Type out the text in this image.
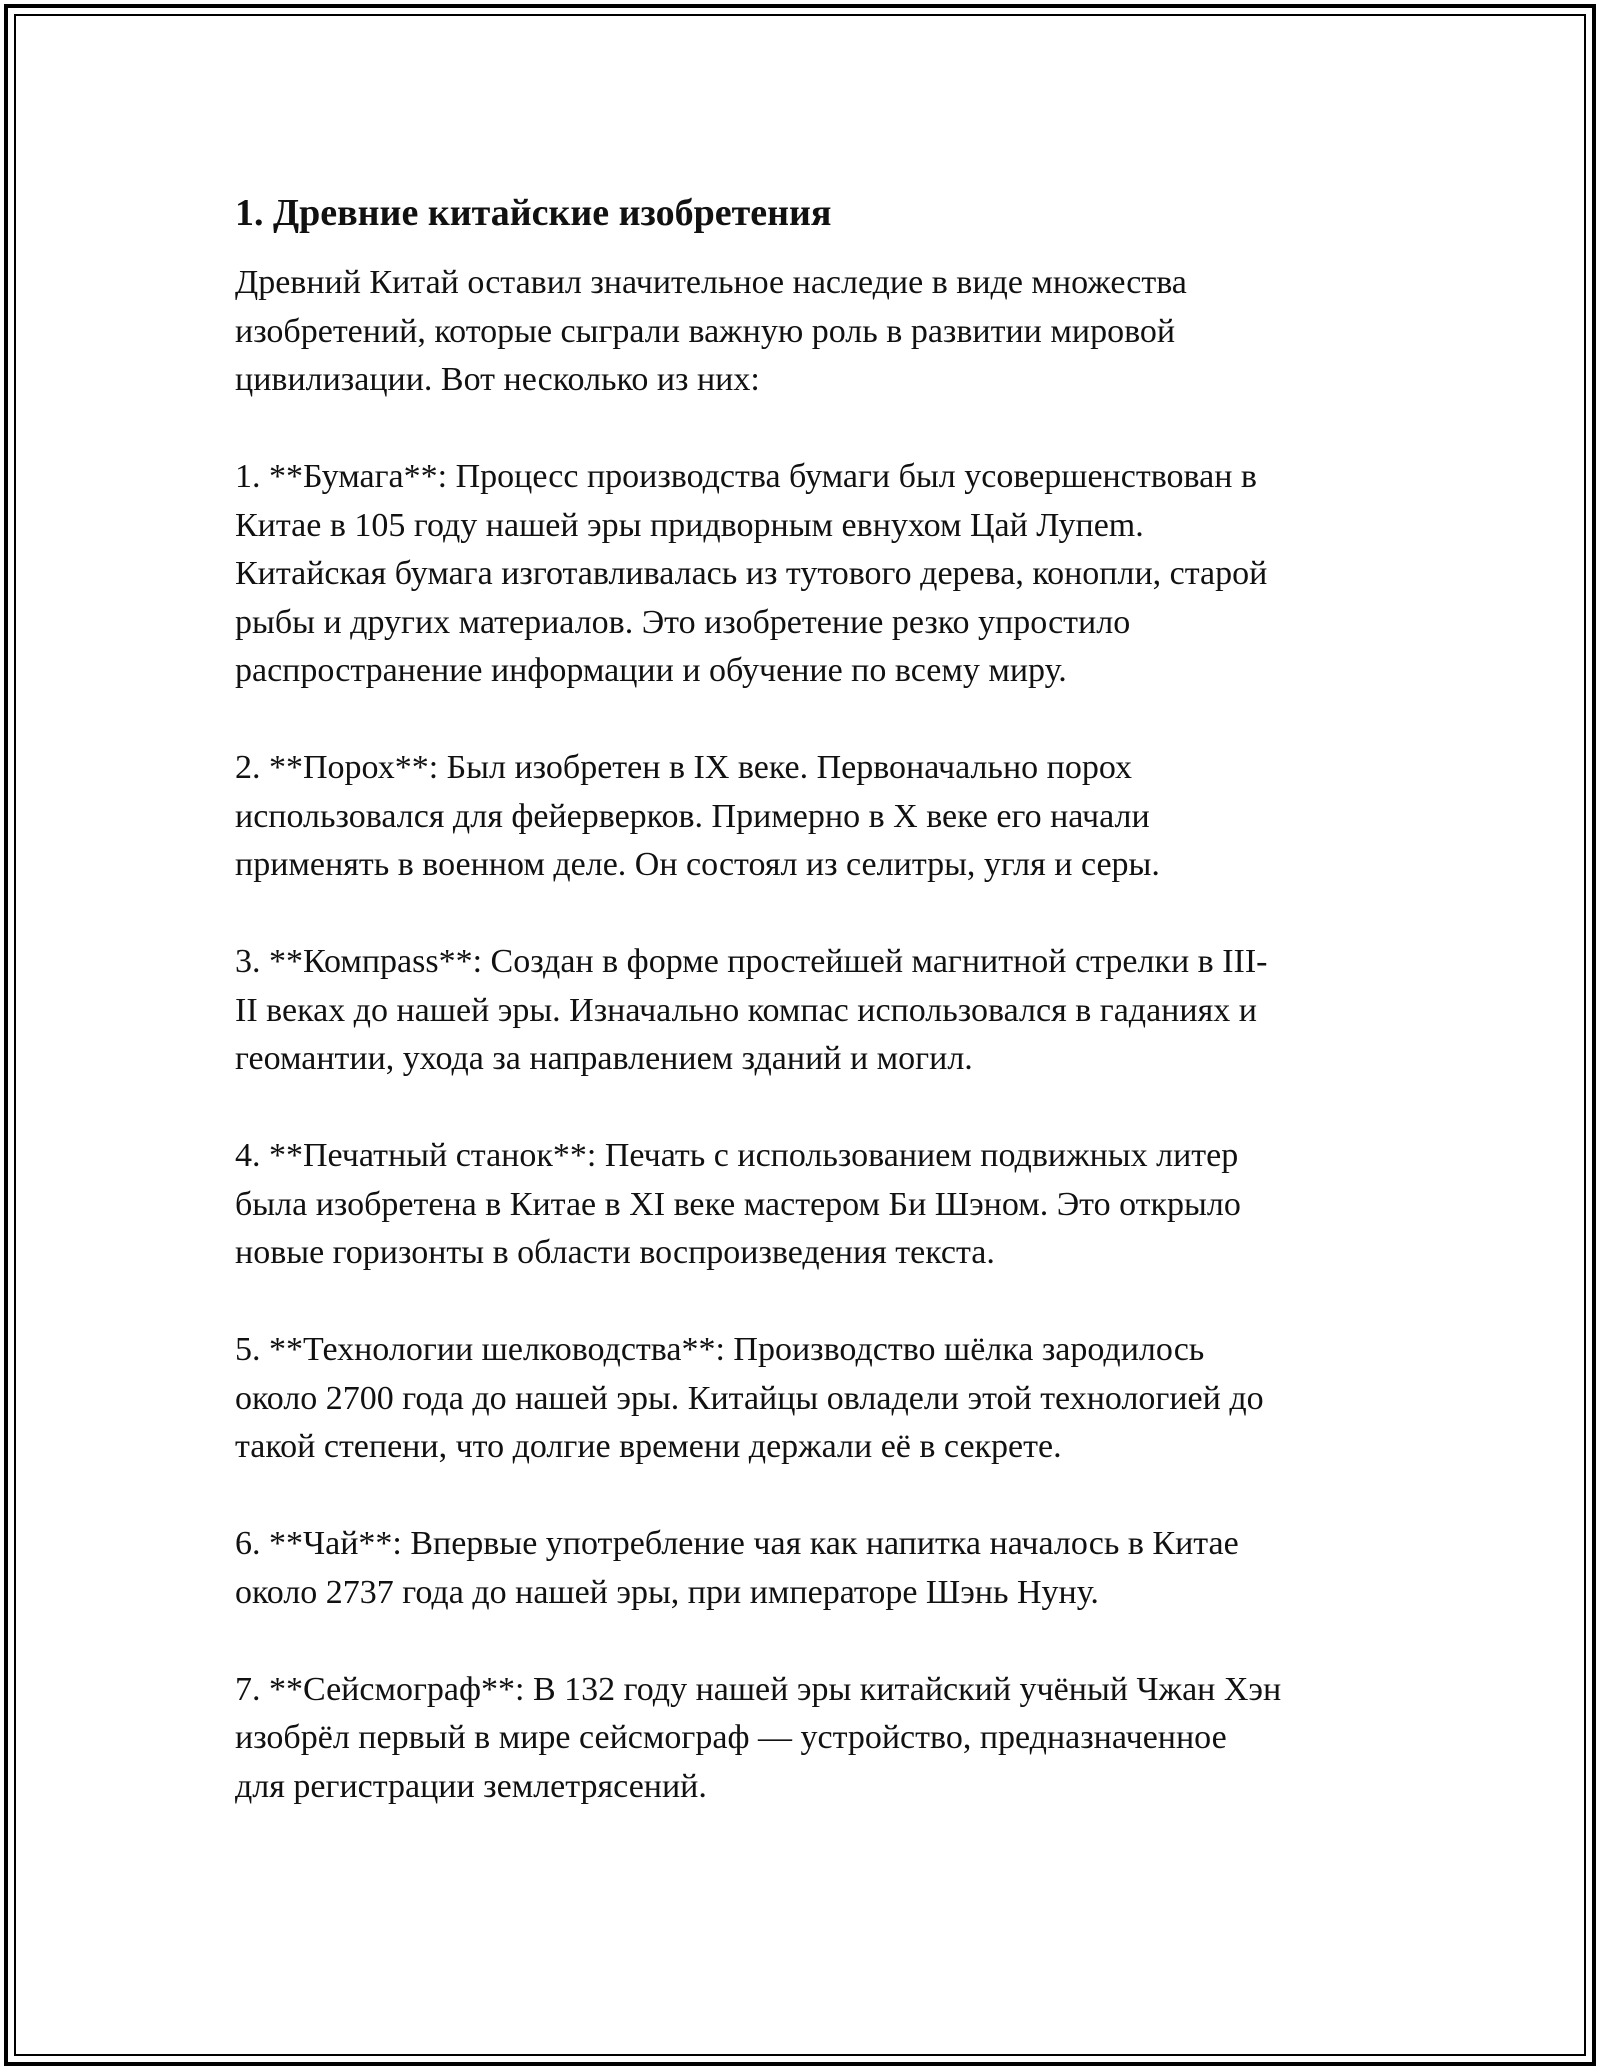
1. Древние китайские изобретения

Древний Китай оставил значительное наследие в виде множества
изобретений, которые сыграли важную роль в развитии мировой
цивилизации. Вот несколько из них:

1. **Бумага**: Процесс производства бумаги был усовершенствован в
Китае в 105 году нашей эры придворным евнухом Цай Лупеm.
Китайская бумага изготавливалась из тутового дерева, конопли, старой
рыбы и других материалов. Это изобретение резко упростило
распространение информации и обучение по всему миру.

2. **Порох**: Был изобретен в IX веке. Первоначально порох
использовался для фейерверков. Примерно в X веке его начали
применять в военном деле. Он состоял из селитры, угля и серы.

3. **Компpass**: Создан в форме простейшей магнитной стрелки в III-
II веках до нашей эры. Изначально компас использовался в гаданиях и
геомантии, ухода за направлением зданий и могил.

4. **Печатный станок**: Печать с использованием подвижных литер
была изобретена в Китае в XI веке мастером Би Шэном. Это открыло
новые горизонты в области воспроизведения текста.

5. **Технологии шелководства**: Производство шёлка зародилось
около 2700 года до нашей эры. Китайцы овладели этой технологией до
такой степени, что долгие времени держали её в секрете.

6. **Чай**: Впервые употребление чая как напитка началось в Китае
около 2737 года до нашей эры, при императоре Шэнь Нуну.

7. **Сейсмограф**: В 132 году нашей эры китайский учёный Чжан Хэн
изобрёл первый в мире сейсмограф — устройство, предназначенное
для регистрации землетрясений.
